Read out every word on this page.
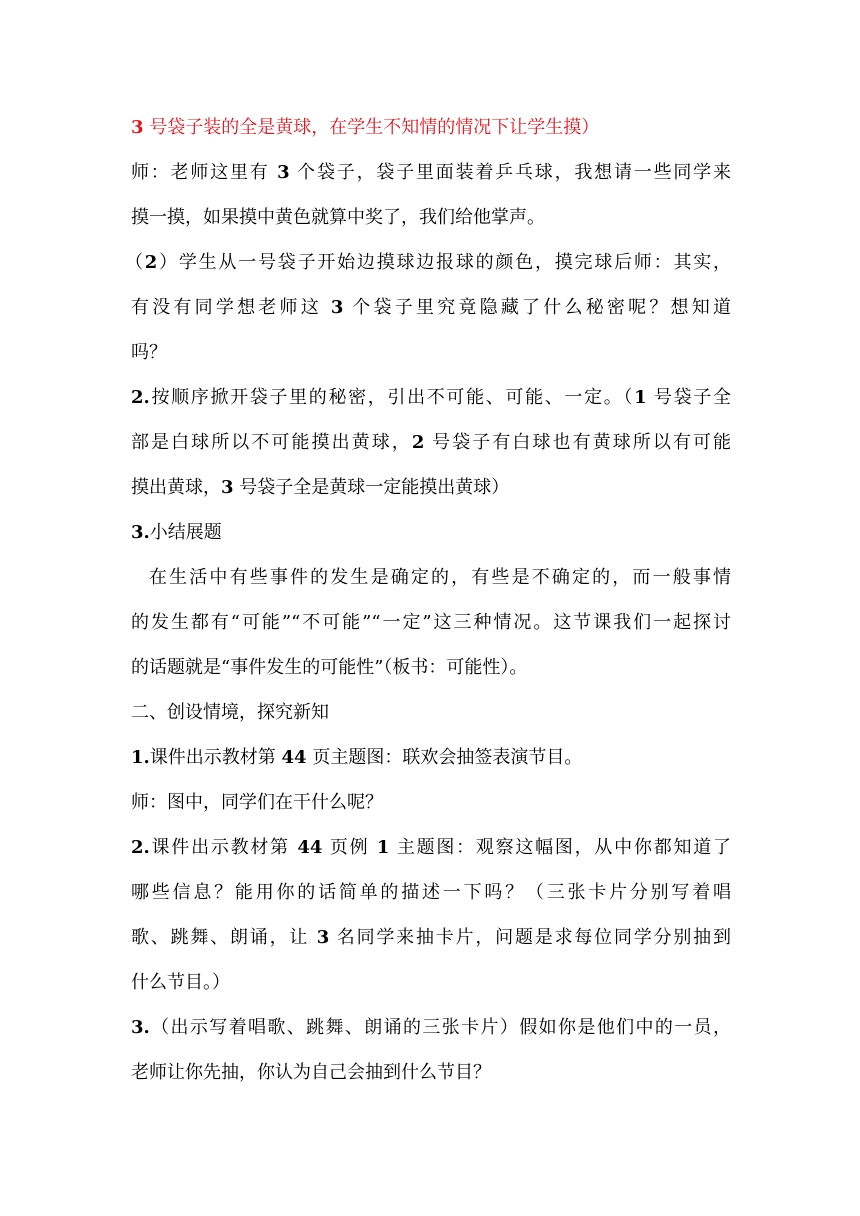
3 号袋子装的全是黄球，在学生不知情的情况下让学生摸）
师：老师这里有 3 个袋子，袋子里面装着乒乓球，我想请一些同学来
摸一摸，如果摸中黄色就算中奖了，我们给他掌声。
（2）学生从一号袋子开始边摸球边报球的颜色，摸完球后师：其实，
有没有同学想老师这 3 个袋子里究竟隐藏了什么秘密呢？想知道
吗？
2.按顺序掀开袋子里的秘密，引出不可能、可能、一定。（1 号袋子全
部是白球所以不可能摸出黄球，2 号袋子有白球也有黄球所以有可能
摸出黄球，3 号袋子全是黄球一定能摸出黄球）
3.小结展题
在生活中有些事件的发生是确定的，有些是不确定的，而一般事情
的发生都有“可能”“不可能”“一定”这三种情况。这节课我们一起探讨
的话题就是“事件发生的可能性”（板书：可能性）。
二、创设情境，探究新知
1.课件出示教材第 44 页主题图：联欢会抽签表演节目。
师：图中，同学们在干什么呢？
2.课件出示教材第 44 页例 1 主题图：观察这幅图，从中你都知道了
哪些信息？能用你的话简单的描述一下吗？（三张卡片分别写着唱
歌、跳舞、朗诵，让 3 名同学来抽卡片，问题是求每位同学分别抽到
什么节目。）
3.（出示写着唱歌、跳舞、朗诵的三张卡片）假如你是他们中的一员，
老师让你先抽，你认为自己会抽到什么节目？
